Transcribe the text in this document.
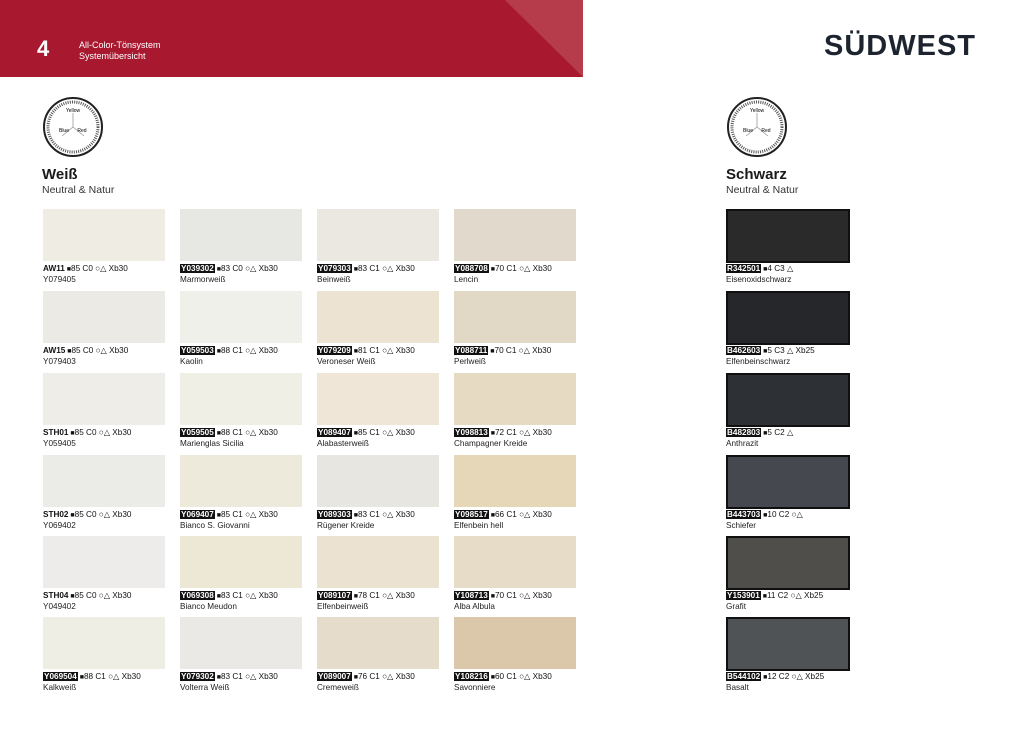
4	All-Color-Tönsystem
Systemübersicht	SÜDWEST
Yellow
Blue Red
Yellow
Blue Red
Weiß
Neutral & Natur
Schwarz
Neutral & Natur
AW11 ■85 C0 ○△ Xb30
Y079405
Y039302 ■83 C0 ○△ Xb30
Marmorweiß
Y079303 ■83 C1 ○△ Xb30
Beinweiß
Y088708 ■70 C1 ○△ Xb30
Lencin
AW15 ■85 C0 ○△ Xb30
Y079403
Y059503 ■88 C1 ○△ Xb30
Kaolin
Y079209 ■81 C1 ○△ Xb30
Veroneser Weiß
Y088711 ■70 C1 ○△ Xb30
Perlweiß
STH01 ■85 C0 ○△ Xb30
Y059405
Y059505 ■88 C1 ○△ Xb30
Marienglas Sicilia
Y089407 ■85 C1 ○△ Xb30
Alabasterweiß
Y098813 ■72 C1 ○△ Xb30
Champagner Kreide
STH02 ■85 C0 ○△ Xb30
Y069402
Y069407 ■85 C1 ○△ Xb30
Bianco S. Giovanni
Y089303 ■83 C1 ○△ Xb30
Rügener Kreide
Y098517 ■66 C1 ○△ Xb30
Elfenbein hell
STH04 ■85 C0 ○△ Xb30
Y049402
Y069308 ■83 C1 ○△ Xb30
Bianco Meudon
Y089107 ■78 C1 ○△ Xb30
Elfenbeinweiß
Y108713 ■70 C1 ○△ Xb30
Alba Albula
Y069504 ■88 C1 ○△ Xb30
Kalkweiß
Y079302 ■83 C1 ○△ Xb30
Volterra Weiß
Y089007 ■76 C1 ○△ Xb30
Cremeweiß
Y108216 ■60 C1 ○△ Xb30
Savonniere
R342501 ■4 C3 △
Eisenoxidschwarz
B462603 ■5 C3 △ Xb25
Elfenbeinschwarz
B482803 ■5 C2 △
Anthrazit
B443703 ■10 C2 ○△
Schiefer
Y153901 ■11 C2 ○△ Xb25
Grafit
B544102 ■12 C2 ○△ Xb25
Basalt
